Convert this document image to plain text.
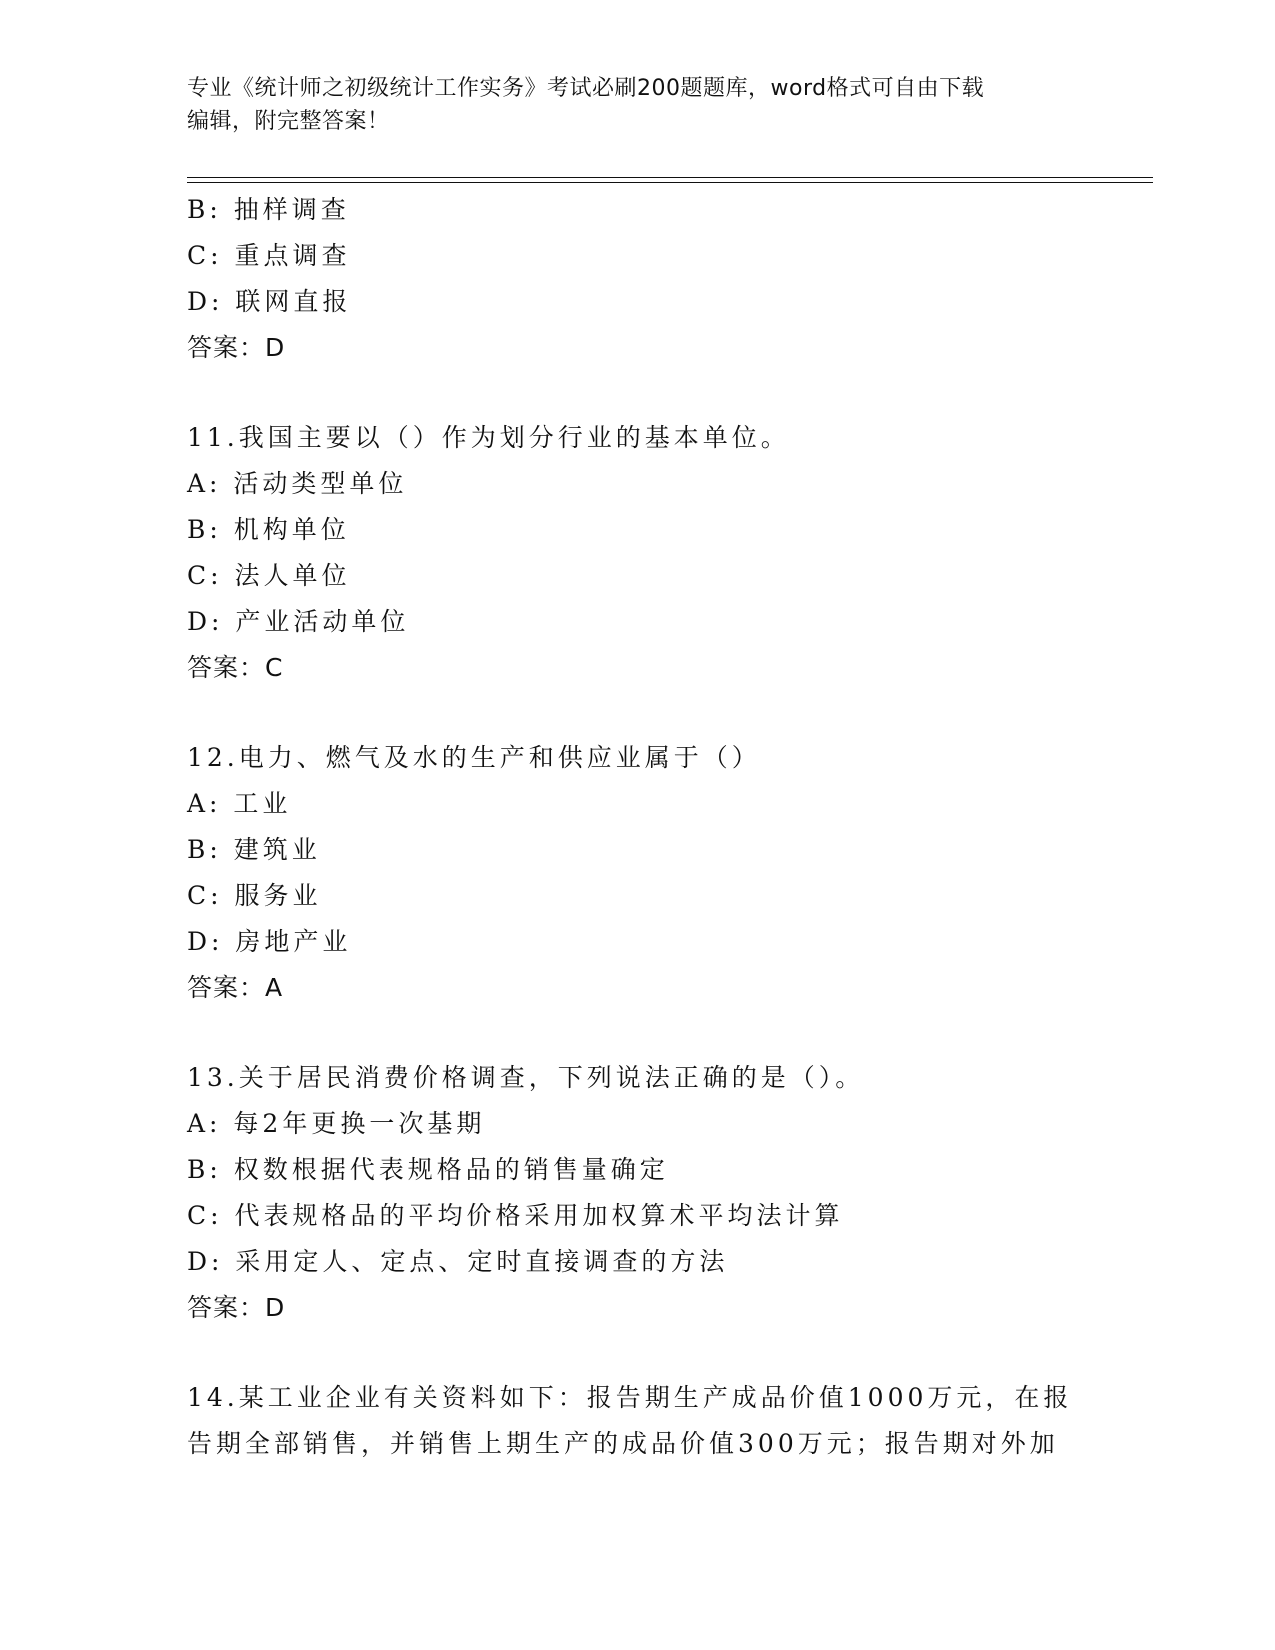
专业《统计师之初级统计工作实务》考试必刷200题题库，word格式可自由下载
编辑，附完整答案！
B: 抽样调查
C: 重点调查
D: 联网直报
答案：D
11.我国主要以（）作为划分行业的基本单位。
A: 活动类型单位
B: 机构单位
C: 法人单位
D: 产业活动单位
答案：C
12.电力、燃气及水的生产和供应业属于（）
A: 工业
B: 建筑业
C: 服务业
D: 房地产业
答案：A
13.关于居民消费价格调查，下列说法正确的是（）。
A: 每2年更换一次基期
B: 权数根据代表规格品的销售量确定
C: 代表规格品的平均价格采用加权算术平均法计算
D: 采用定人、定点、定时直接调查的方法
答案：D
14.某工业企业有关资料如下：报告期生产成品价值1000万元，在报
告期全部销售，并销售上期生产的成品价值300万元；报告期对外加
